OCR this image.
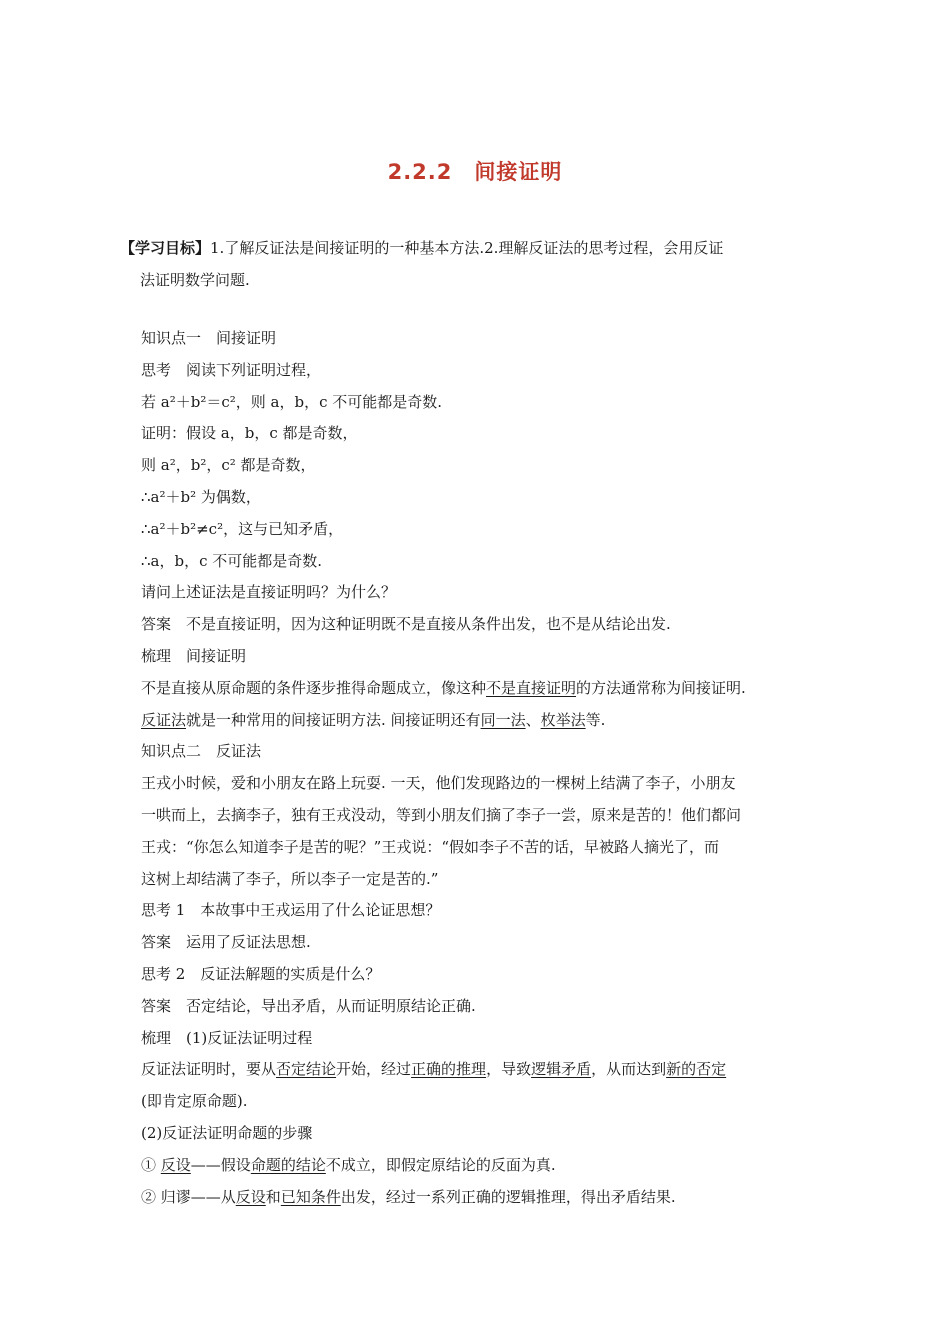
2.2.2　间接证明
【学习目标】1.了解反证法是间接证明的一种基本方法.2.理解反证法的思考过程，会用反证
法证明数学问题.
知识点一　间接证明
思考　阅读下列证明过程，
若 a²＋b²＝c²，则 a，b，c 不可能都是奇数.
证明：假设 a，b，c 都是奇数，
则 a²，b²，c² 都是奇数，
∴a²＋b² 为偶数，
∴a²＋b²≠c²，这与已知矛盾，
∴a，b，c 不可能都是奇数.
请问上述证法是直接证明吗？为什么？
答案　不是直接证明，因为这种证明既不是直接从条件出发，也不是从结论出发.
梳理　间接证明
不是直接从原命题的条件逐步推得命题成立，像这种不是直接证明的方法通常称为间接证明.
反证法就是一种常用的间接证明方法. 间接证明还有同一法、枚举法等.
知识点二　反证法
王戎小时候，爱和小朋友在路上玩耍. 一天，他们发现路边的一棵树上结满了李子，小朋友
一哄而上，去摘李子，独有王戎没动，等到小朋友们摘了李子一尝，原来是苦的！他们都问
王戎：“你怎么知道李子是苦的呢？”王戎说：“假如李子不苦的话，早被路人摘光了，而
这树上却结满了李子，所以李子一定是苦的.”
思考 1　本故事中王戎运用了什么论证思想？
答案　运用了反证法思想.
思考 2　反证法解题的实质是什么？
答案　否定结论，导出矛盾，从而证明原结论正确.
梳理　(1)反证法证明过程
反证法证明时，要从否定结论开始，经过正确的推理，导致逻辑矛盾，从而达到新的否定
(即肯定原命题).
(2)反证法证明命题的步骤
① 反设——假设命题的结论不成立，即假定原结论的反面为真.
② 归谬——从反设和已知条件出发，经过一系列正确的逻辑推理，得出矛盾结果.
